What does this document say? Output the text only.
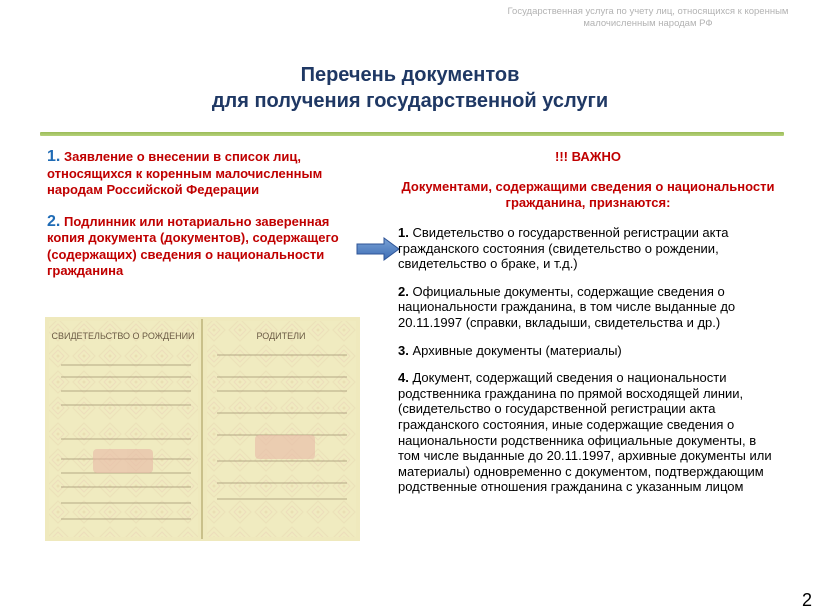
Государственная услуга по учету лиц, относящихся к коренным малочисленным народам РФ
Перечень документов
для получения государственной услуги
1. Заявление о внесении в список лиц, относящихся к коренным малочисленным народам Российской Федерации
2. Подлинник или нотариально заверенная копия документа (документов), содержащего (содержащих) сведения о национальности гражданина
СВИДЕТЕЛЬСТВО О РОЖДЕНИИ	РОДИТЕЛИ
!!! ВАЖНО
Документами, содержащими сведения о национальности гражданина, признаются:
1. Свидетельство о государственной регистрации акта гражданского состояния (свидетельство о рождении, свидетельство о браке, и т.д.)
2. Официальные документы, содержащие сведения о национальности гражданина, в том числе выданные до 20.11.1997 (справки, вкладыши, свидетельства и др.)
3. Архивные документы (материалы)
4. Документ, содержащий сведения о национальности родственника гражданина по прямой восходящей линии, (свидетельство о государственной регистрации акта гражданского состояния, иные содержащие сведения о национальности родственника официальные документы, в том числе выданные до 20.11.1997, архивные документы или материалы) одновременно с документом, подтверждающим родственные отношения гражданина с указанным лицом
2
